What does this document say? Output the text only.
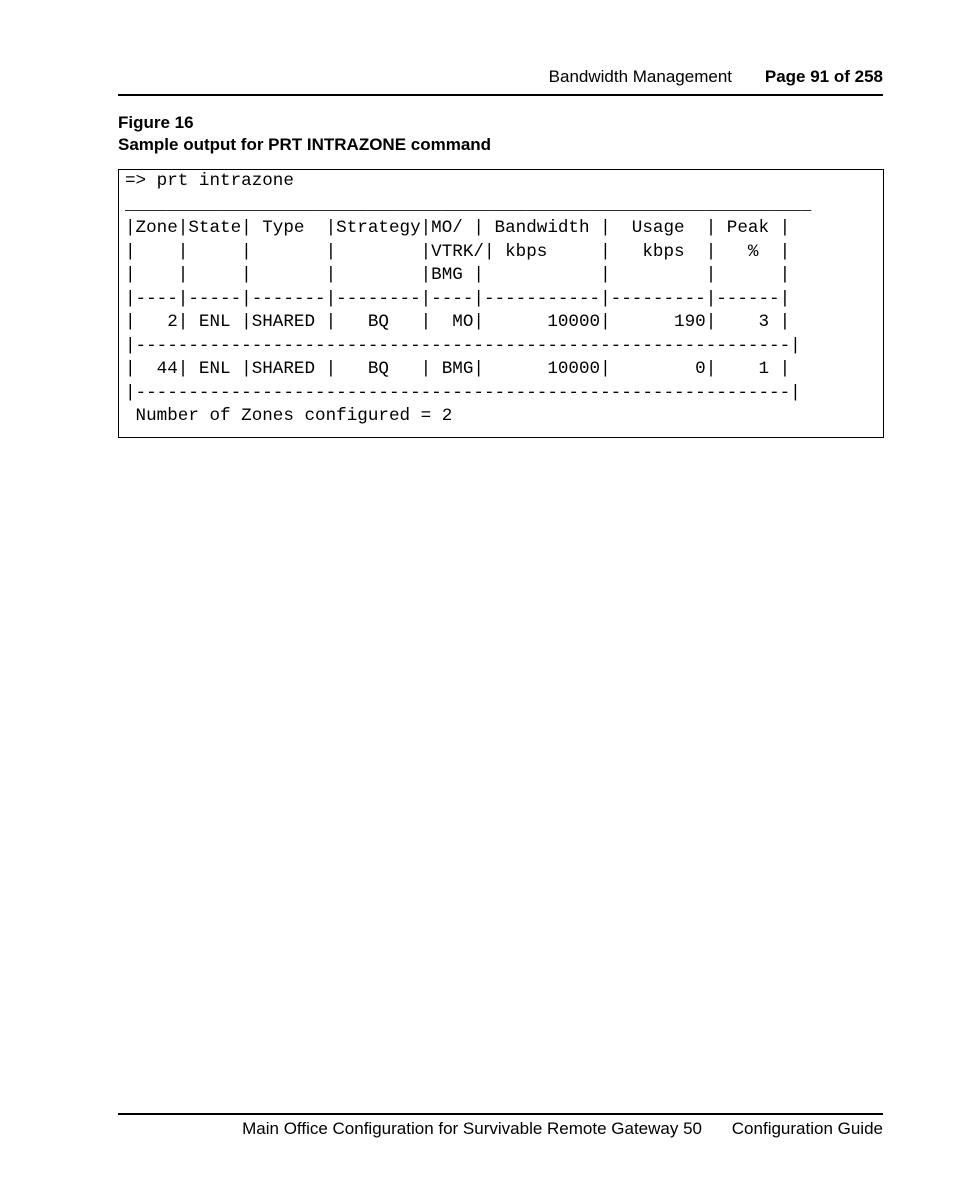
Bandwidth Management Page 91 of 258
Figure 16
Sample output for PRT INTRAZONE command
=> prt intrazone
_________________________________________________________________
|Zone|State| Type  |Strategy|MO/ | Bandwidth |  Usage  | Peak |
|    |     |       |        |VTRK/| kbps     |   kbps  |   %  |
|    |     |       |        |BMG |           |         |      |
|----|-----|-------|--------|----|-----------|---------|------|
|   2| ENL |SHARED |   BQ   |  MO|      10000|      190|    3 |
|--------------------------------------------------------------|
|  44| ENL |SHARED |   BQ   | BMG|      10000|        0|    1 |
|--------------------------------------------------------------|
Number of Zones configured = 2
Main Office Configuration for Survivable Remote Gateway 50 Configuration Guide
